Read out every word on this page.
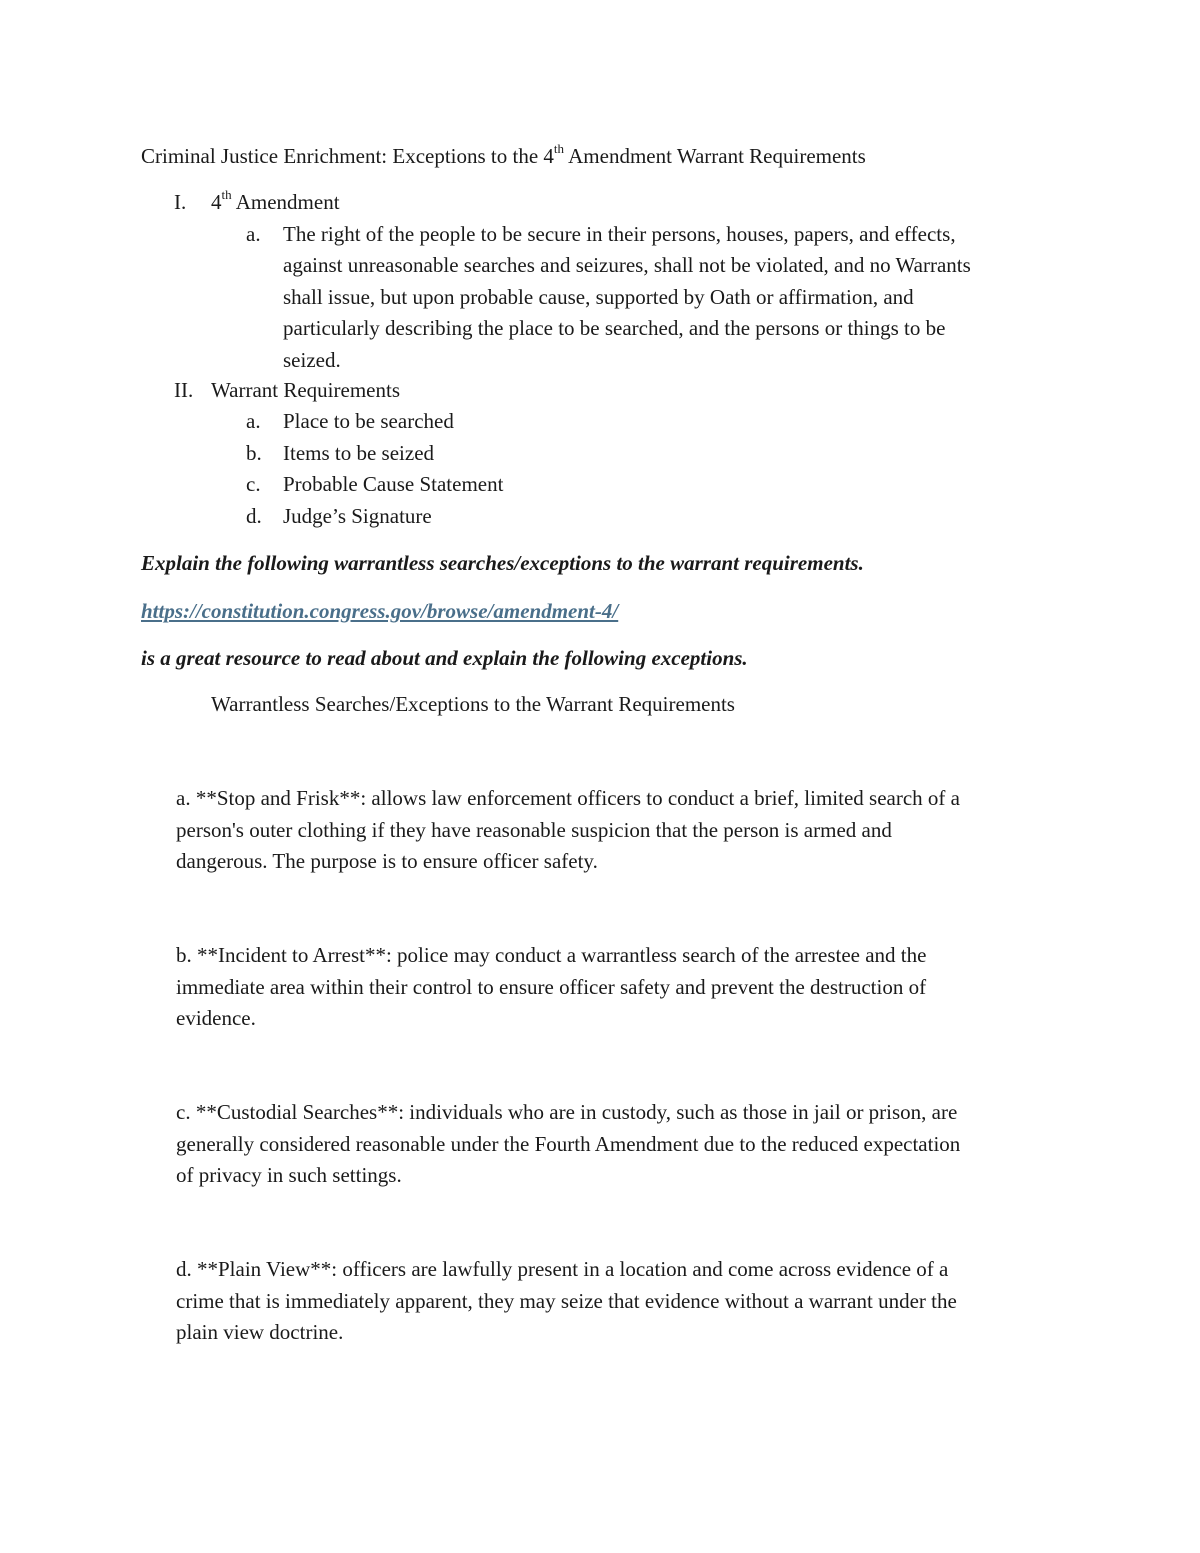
Criminal Justice Enrichment: Exceptions to the 4th Amendment Warrant Requirements
I. 4th Amendment
a. The right of the people to be secure in their persons, houses, papers, and effects,
against unreasonable searches and seizures, shall not be violated, and no Warrants
shall issue, but upon probable cause, supported by Oath or affirmation, and
particularly describing the place to be searched, and the persons or things to be
seized.
II. Warrant Requirements
a. Place to be searched
b. Items to be seized
c. Probable Cause Statement
d. Judge’s Signature
Explain the following warrantless searches/exceptions to the warrant requirements.
https://constitution.congress.gov/browse/amendment-4/
is a great resource to read about and explain the following exceptions.
Warrantless Searches/Exceptions to the Warrant Requirements
a. **Stop and Frisk**: allows law enforcement officers to conduct a brief, limited search of a
person's outer clothing if they have reasonable suspicion that the person is armed and
dangerous. The purpose is to ensure officer safety.
b. **Incident to Arrest**: police may conduct a warrantless search of the arrestee and the
immediate area within their control to ensure officer safety and prevent the destruction of
evidence.
c. **Custodial Searches**: individuals who are in custody, such as those in jail or prison, are
generally considered reasonable under the Fourth Amendment due to the reduced expectation
of privacy in such settings.
d. **Plain View**: officers are lawfully present in a location and come across evidence of a
crime that is immediately apparent, they may seize that evidence without a warrant under the
plain view doctrine.
